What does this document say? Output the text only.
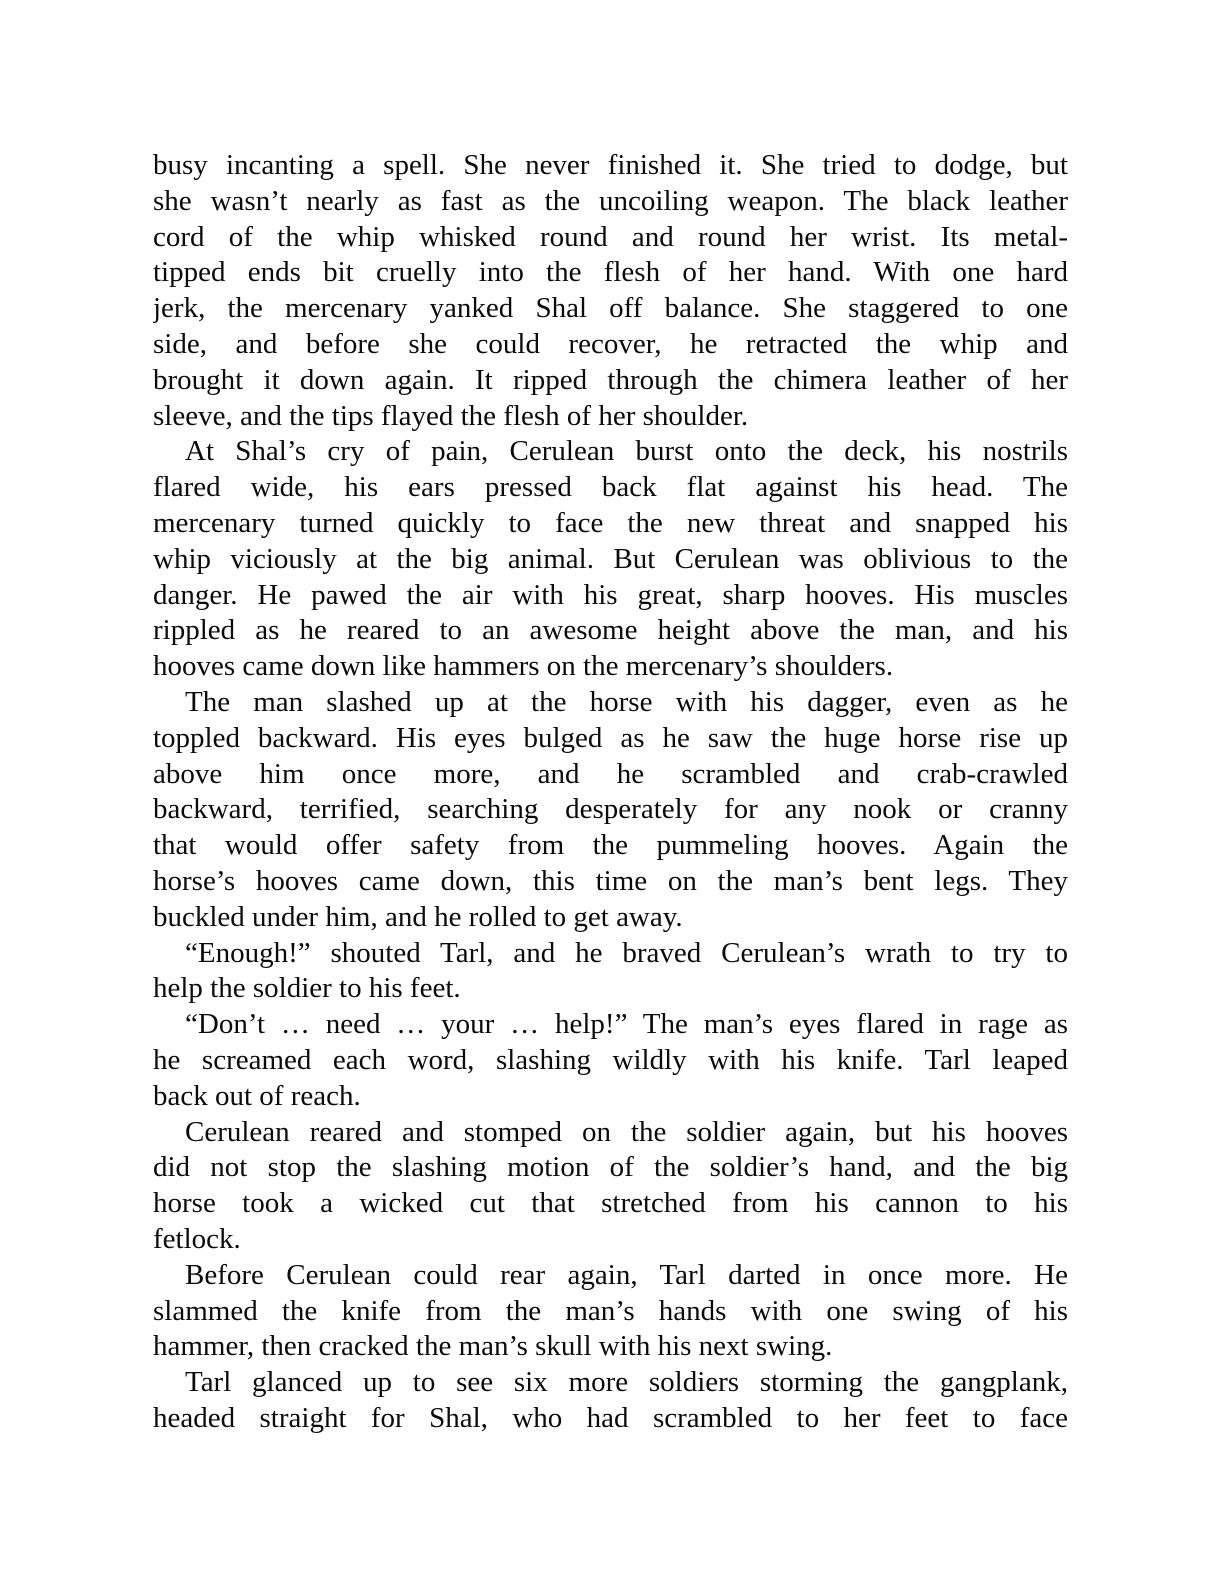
busy incanting a spell. She never finished it. She tried to dodge, but
she wasn’t nearly as fast as the uncoiling weapon. The black leather
cord of the whip whisked round and round her wrist. Its metal-
tipped ends bit cruelly into the flesh of her hand. With one hard
jerk, the mercenary yanked Shal off balance. She staggered to one
side, and before she could recover, he retracted the whip and
brought it down again. It ripped through the chimera leather of her
sleeve, and the tips flayed the flesh of her shoulder.
At Shal’s cry of pain, Cerulean burst onto the deck, his nostrils
flared wide, his ears pressed back flat against his head. The
mercenary turned quickly to face the new threat and snapped his
whip viciously at the big animal. But Cerulean was oblivious to the
danger. He pawed the air with his great, sharp hooves. His muscles
rippled as he reared to an awesome height above the man, and his
hooves came down like hammers on the mercenary’s shoulders.
The man slashed up at the horse with his dagger, even as he
toppled backward. His eyes bulged as he saw the huge horse rise up
above him once more, and he scrambled and crab-crawled
backward, terrified, searching desperately for any nook or cranny
that would offer safety from the pummeling hooves. Again the
horse’s hooves came down, this time on the man’s bent legs. They
buckled under him, and he rolled to get away.
“Enough!” shouted Tarl, and he braved Cerulean’s wrath to try to
help the soldier to his feet.
“Don’t … need … your … help!” The man’s eyes flared in rage as
he screamed each word, slashing wildly with his knife. Tarl leaped
back out of reach.
Cerulean reared and stomped on the soldier again, but his hooves
did not stop the slashing motion of the soldier’s hand, and the big
horse took a wicked cut that stretched from his cannon to his
fetlock.
Before Cerulean could rear again, Tarl darted in once more. He
slammed the knife from the man’s hands with one swing of his
hammer, then cracked the man’s skull with his next swing.
Tarl glanced up to see six more soldiers storming the gangplank,
headed straight for Shal, who had scrambled to her feet to face
